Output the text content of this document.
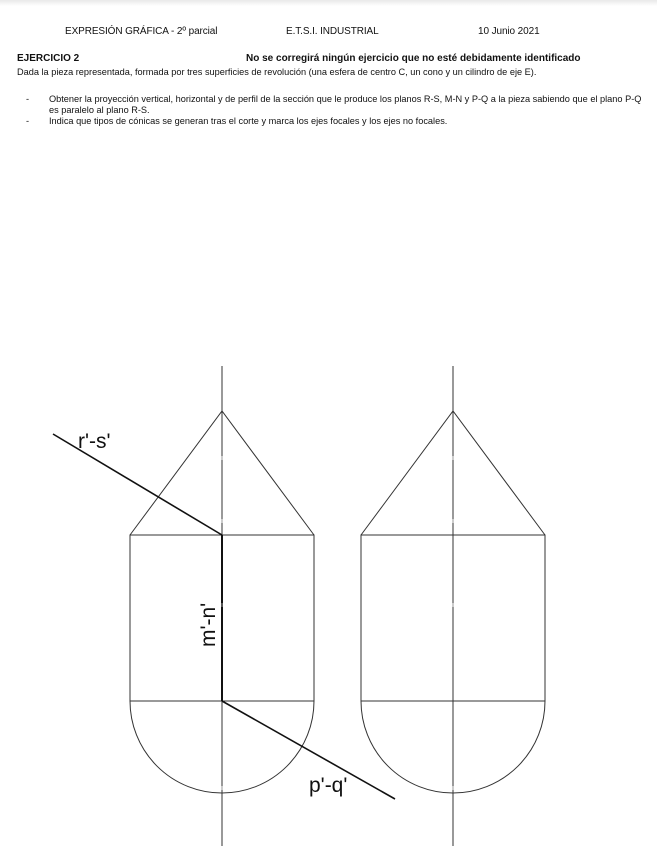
EXPRESIÓN GRÁFICA - 2º parcial	E.T.S.I. INDUSTRIAL	10 Junio 2021
EJERCICIO 2	No se corregirá ningún ejercicio que no esté debidamente identificado
Dada la pieza representada, formada por tres superficies de revolución (una esfera de centro C, un cono y un cilindro de eje E).
- Obtener la proyección vertical, horizontal y de perfil de la sección que le produce los planos R-S, M-N y P-Q a la pieza sabiendo que el plano P-Q es paralelo al plano R-S.
- Indica que tipos de cónicas se generan tras el corte y marca los ejes focales y los ejes no focales.
r'-s'
m'-n'
p'-q'
